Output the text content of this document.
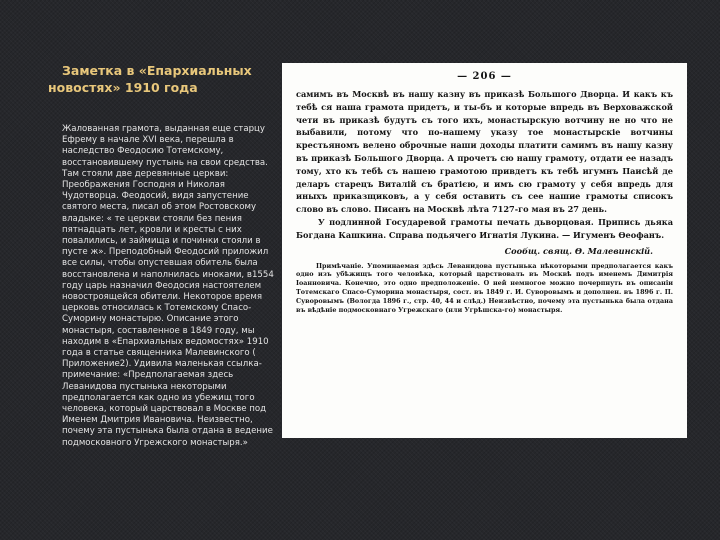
Заметка в «Епархиальных новостях» 1910 года

Жалованная грамота, выданная еще старцу Ефрему в начале XVI века, перешла в наследство Феодосию Тотемскому, восстановившему пустынь на свои средства. Там стояли две деревянные церкви: Преображения Господня и Николая Чудотворца. Феодосий, видя запустение святого места, писал об этом Ростовскому владыке: « те церкви стояли без пения пятнадцать лет, кровли и кресты с них повалились, и займища и починки стояли в пусте ж». Преподобный Феодосий приложил все силы, чтобы опустевшая обитель была восстановлена и наполнилась иноками, в1554 году царь назначил Феодосия настоятелем новостроящейся обители. Некоторое время церковь относилась к Тотемскому Спасо-Суморину монастырю. Описание этого монастыря, составленное в 1849 году, мы находим в «Епархиальных ведомостях» 1910 года в статье священника Малевинского ( Приложение2). Удивила маленькая ссылка-примечание: «Предполагаемая здесь Леванидова пустынька некоторыми предполагается как одно из убежищ того человека, который царствовал в Москве под Именем Дмитрия Ивановича. Неизвестно, почему эта пустынька была отдана в ведение подмосковного Угрежского монастыря.»

— 206 —

самимъ въ Москвѣ въ нашу казну въ приказѣ Большого Дворца. И какъ къ тебѣ ся наша грамота придетъ, и ты-бъ и которые впредь въ Верховажской чети въ приказѣ будутъ съ того ихъ, монастырскую вотчину не но что не выбавили, потому что по-нашему указу тое монастырскіе вотчины крестьяномъ велено оброчные наши доходы платити самимъ въ нашу казну въ приказѣ Большого Дворца. А прочетъ сю нашу грамоту, отдати ее назадъ тому, хто къ тебѣ съ нашею грамотою привдетъ къ тебѣ игумнъ Паисѣй де деларъ старецъ Виталій съ братією, и имъ сю грамоту у себя впредь для иныхъ приказщиковъ, а у себя оставить съ сее нашие грамоты списокъ слово въ слово. Писанъ на Москвѣ лѣта 7127-го мая въ 27 день.

У подлинной Государевой грамоты печать дьворцовая. Припись дьяка Богдана Кашкина. Справа подьячего Игнатія Лукина. — Игуменъ Өеофанъ.

Сообщ. свящ. Θ. Малевинскій.

Примѣчаніе. Упоминаемая здѣсь Леванидова пустынька нѣкоторыми предполагается какъ одно изъ убѣжищъ того человѣка, который царствовалъ въ Москвѣ подъ именемъ Димитрія Іоанновича. Конечно, это одно предположеніе. О ней немногое можно почерпнуть въ описаніи Тотемскаго Спасо-Суморина монастыря, сост. въ 1849 г. И. Суворовымъ и дополнен. въ 1896 г. П. Суворовымъ (Вологда 1896 г., стр. 40, 44 и слѣд.) Неизвѣстно, почему эта пустынька была отдана въ вѣдѣніе подмосковнаго Угрежскаго (нли Угрѣшска-го) монастыря.
